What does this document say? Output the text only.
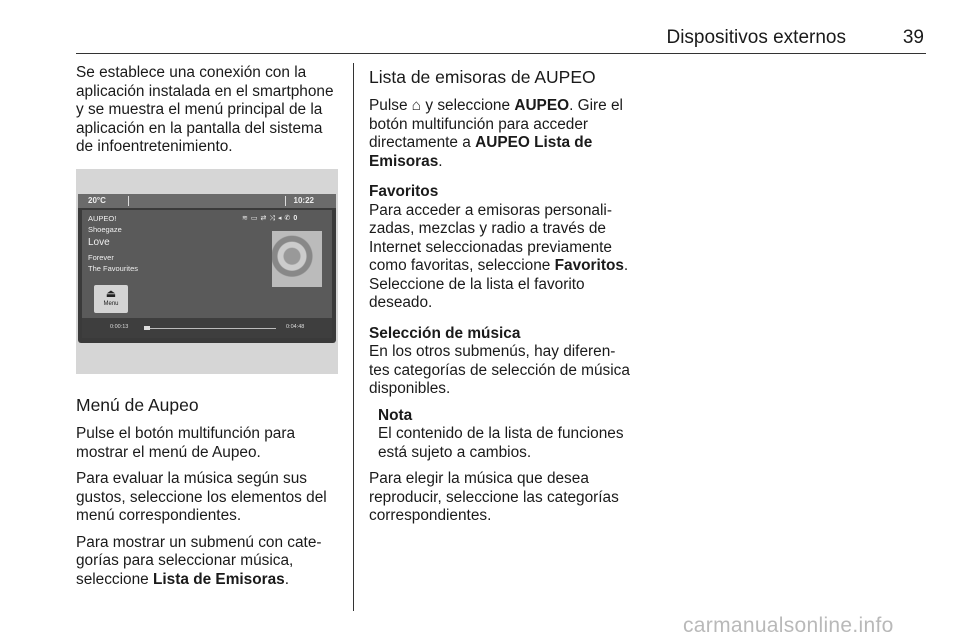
Dispositivos externos	39

Se establece una conexión con la aplicación instalada en el smartphone y se muestra el menú principal de la aplicación en la pantalla del sistema de infoentretenimiento.

20°C	10:22
AUPEO!
Shoegaze
Love
Forever
The Favourites
≋▭⇄⤨◂✆0
⏏
Menu
0:00:13	0:04:48
Menú de Aupeo

Pulse el botón multifunción para mostrar el menú de Aupeo.

Para evaluar la música según sus gustos, seleccione los elementos del menú correspondientes.

Para mostrar un submenú con cate‐ gorías para seleccionar música, seleccione Lista de Emisoras.

Lista de emisoras de AUPEO

Pulse ⌂ y seleccione AUPEO. Gire el botón multifunción para acceder directamente a AUPEO Lista de Emisoras.

Favoritos
Para acceder a emisoras personali‐ zadas, mezclas y radio a través de Internet seleccionadas previamente como favoritas, seleccione Favoritos. Seleccione de la lista el favorito deseado.

Selección de música
En los otros submenús, hay diferen‐ tes categorías de selección de música disponibles.

Nota
El contenido de la lista de funciones está sujeto a cambios.

Para elegir la música que desea reproducir, seleccione las categorías correspondientes.

carmanualsonline.info
